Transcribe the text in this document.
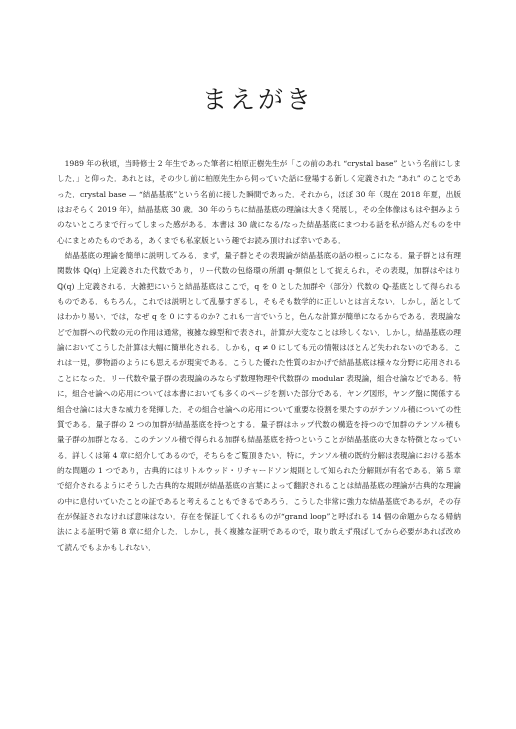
まえがき

1989 年の秋頃，当時修士 2 年生であった筆者に柏原正樹先生が「この前のあれ “crystal base” という名前にしました．」と仰った．あれとは，その少し前に柏原先生から伺っていた話に登場する新しく定義された “あれ” のことであった．crystal base — “結晶基底”という名前に接した瞬間であった．それから，ほぼ 30 年（現在 2018 年夏，出版はおそらく 2019 年），結晶基底 30 歳．30 年のうちに結晶基底の理論は大きく発展し，その全体像はもはや掴みようのないところまで行ってしまった感がある．本書は 30 歳になる/なった結晶基底にまつわる話を私が絡んだものを中心にまとめたものである，あくまでも私家版という趣でお読み頂ければ幸いである．

結晶基底の理論を簡単に説明してみる．まず，量子群とその表現論が結晶基底の話の根っこになる．量子群とは有理関数体 ℚ(q) 上定義された代数であり，リー代数の包絡環の所謂 q-類似として捉えられ，その表現，加群はやはり ℚ(q) 上定義される．大雑把にいうと結晶基底はここで，q を 0 とした加群や（部分）代数の ℚ-基底として得られるものである．もちろん，これでは説明として乱暴すぎるし，そもそも数学的に正しいとは言えない．しかし，話としてはわかり易い．では，なぜ q を 0 にするのか? これも一言でいうと，色んな計算が簡単になるからである．表現論などで加群への代数の元の作用は通常，複雑な線型和で表され，計算が大変なことは珍しくない．しかし，結晶基底の理論においてこうした計算は大幅に簡単化される．しかも，q ≠ 0 にしても元の情報はほとんど失われないのである．これは一見，夢物語のようにも思えるが現実である．こうした優れた性質のおかげで結晶基底は様々な分野に応用されることになった．リー代数や量子群の表現論のみならず数理物理や代数群の modular 表現論，組合せ論などである．特に，組合せ論への応用については本書においても多くのページを割いた部分である．ヤング図形，ヤング盤に関係する組合せ論には大きな威力を発揮した．その組合せ論への応用について重要な役割を果たすのがテンソル積についての性質である．量子群の 2 つの加群が結晶基底を持つとする．量子群はホップ代数の構造を持つので加群のテンソル積も量子群の加群となる．このテンソル積で得られる加群も結晶基底を持つということが結晶基底の大きな特徴となっている．詳しくは第 4 章に紹介してあるので，そちらをご覧頂きたい．特に，テンソル積の既約分解は表現論における基本的な問題の 1 つであり，古典的にはリトルウッド・リチャードソン規則として知られた分解則が有名である．第 5 章で紹介されるようにそうした古典的な規則が結晶基底の言葉によって翻訳されることは結晶基底の理論が古典的な理論の中に息付いていたことの証であると考えることもできるであろう．こうした非常に強力な結晶基底であるが，その存在が保証されなければ意味はない．存在を保証してくれるものが“grand loop”と呼ばれる 14 個の命題からなる帰納法による証明で第 8 章に紹介した．しかし，長く複雑な証明であるので，取り敢えず飛ばしてから必要があれば改めて読んでもよかもしれない．
